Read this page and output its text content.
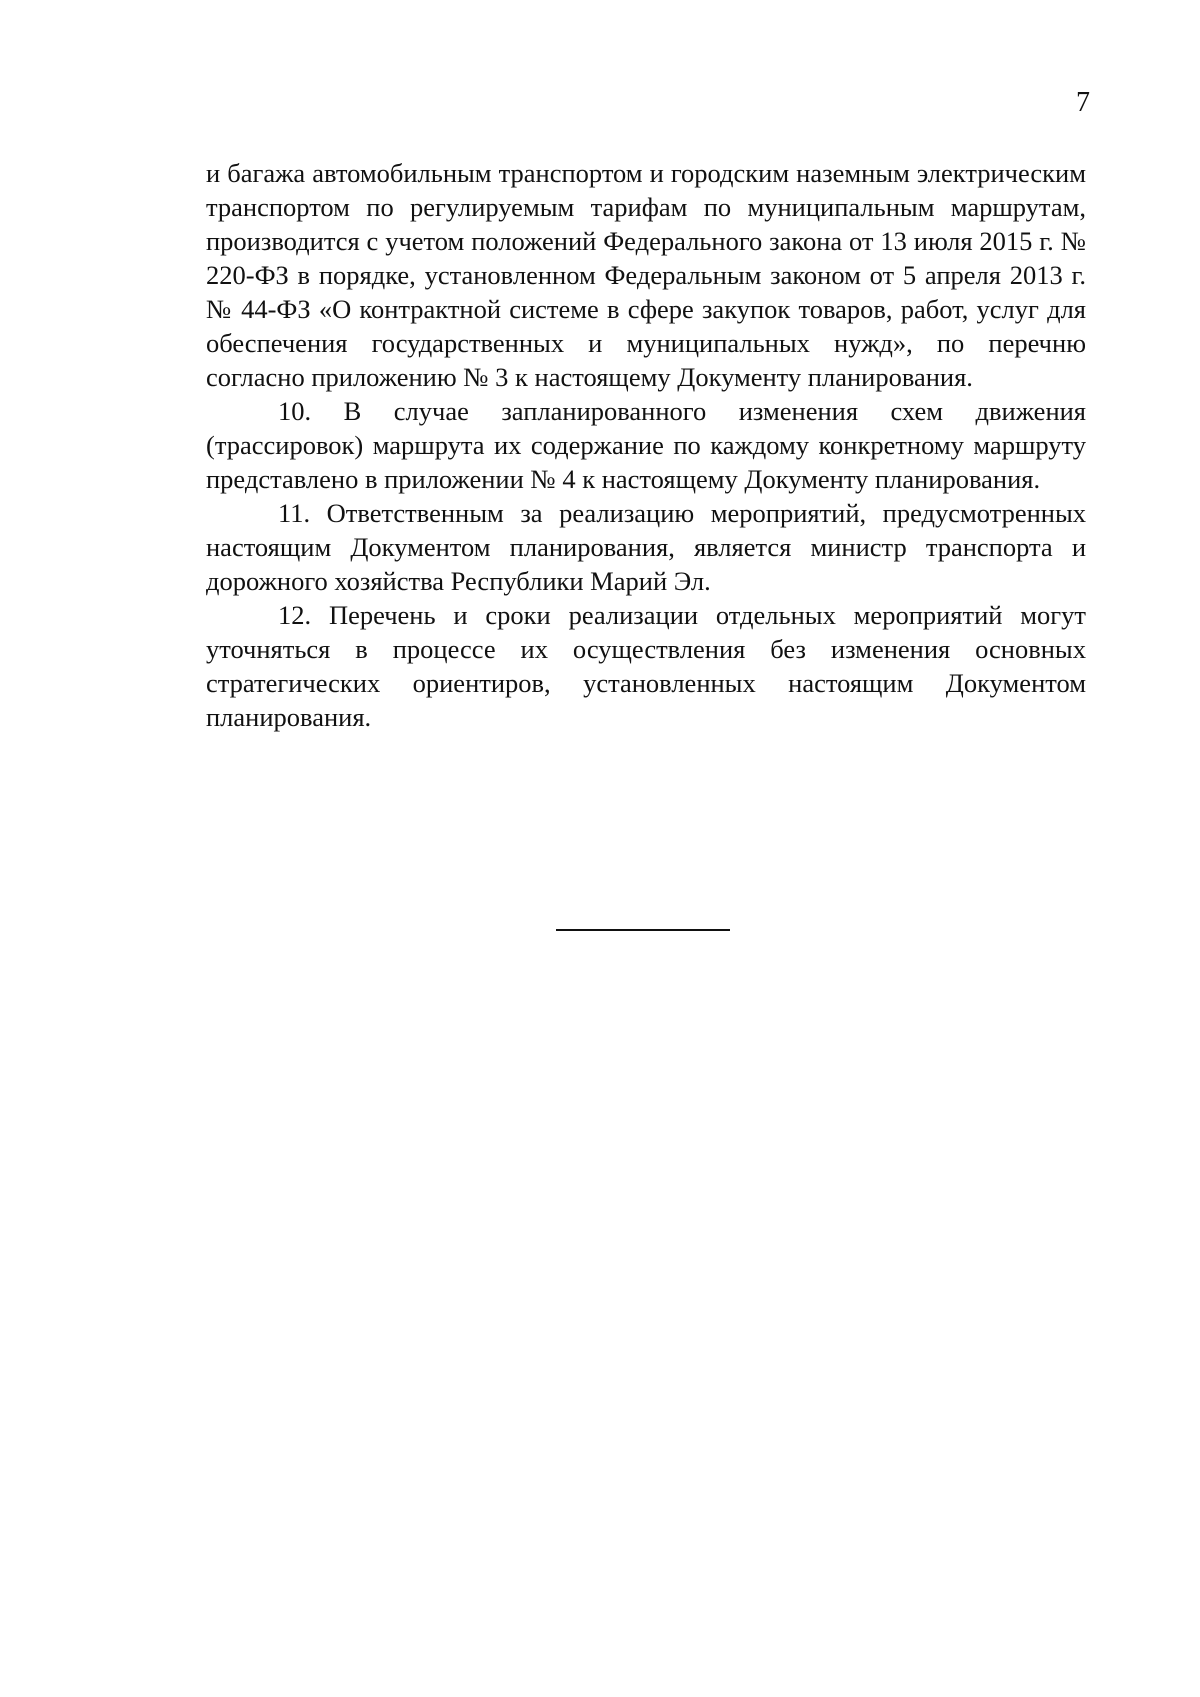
7

и багажа автомобильным транспортом и городским наземным электрическим транспортом по регулируемым тарифам по муниципальным маршрутам, производится с учетом положений Федерального закона от 13 июля 2015 г. № 220-ФЗ в порядке, установленном Федеральным законом от 5 апреля 2013 г. № 44-ФЗ «О контрактной системе в сфере закупок товаров, работ, услуг для обеспечения государственных и муниципальных нужд», по перечню согласно приложению № 3 к настоящему Документу планирования.

10. В случае запланированного изменения схем движения (трассировок) маршрута их содержание по каждому конкретному маршруту представлено в приложении № 4 к настоящему Документу планирования.

11. Ответственным за реализацию мероприятий, предусмотренных настоящим Документом планирования, является министр транспорта и дорожного хозяйства Республики Марий Эл.

12. Перечень и сроки реализации отдельных мероприятий могут уточняться в процессе их осуществления без изменения основных стратегических ориентиров, установленных настоящим Документом планирования.
